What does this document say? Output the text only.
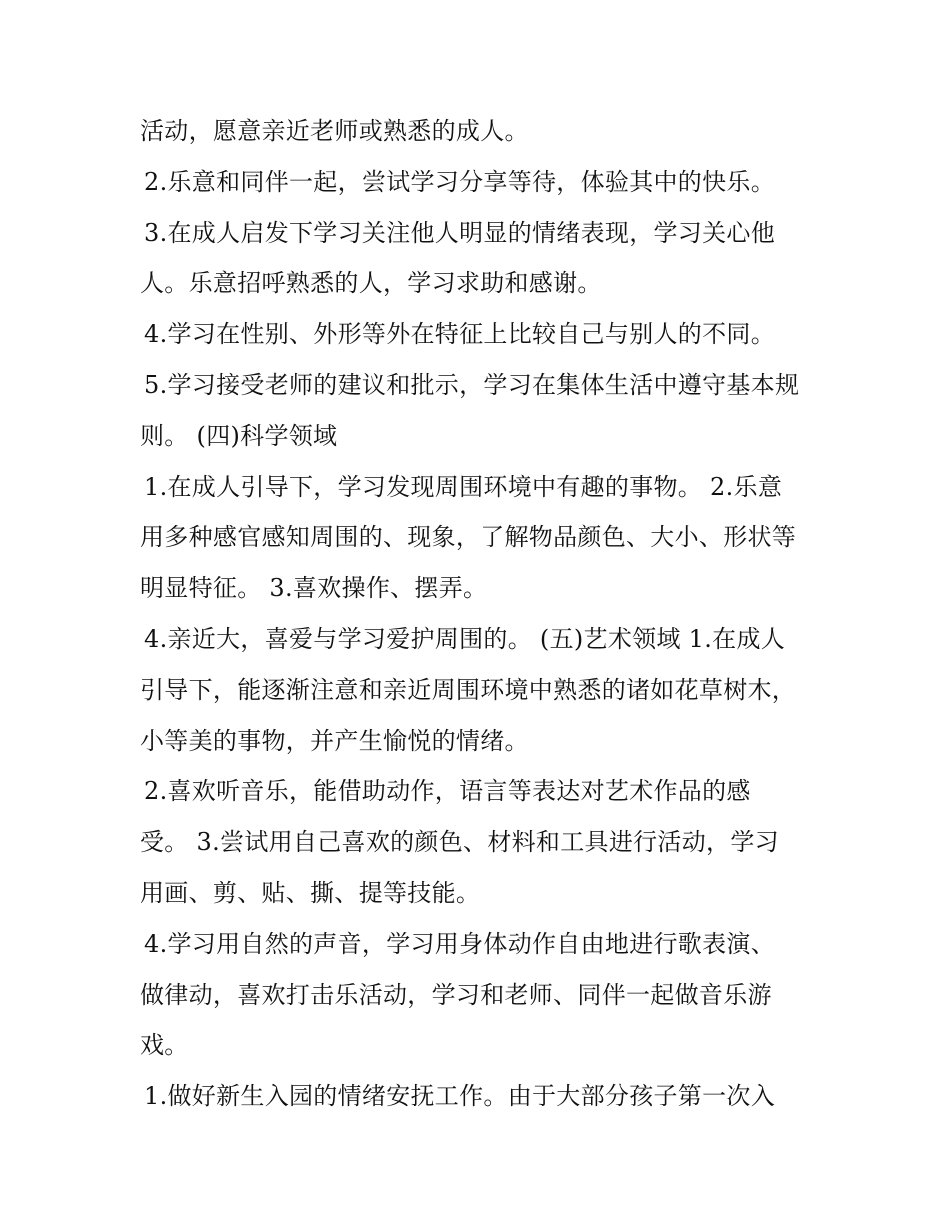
活动，愿意亲近老师或熟悉的成人。
2.乐意和同伴一起，尝试学习分享等待，体验其中的快乐。
3.在成人启发下学习关注他人明显的情绪表现，学习关心他
人。乐意招呼熟悉的人，学习求助和感谢。
4.学习在性别、外形等外在特征上比较自己与别人的不同。
5.学习接受老师的建议和批示，学习在集体生活中遵守基本规
则。 (四)科学领域
1.在成人引导下，学习发现周围环境中有趣的事物。 2.乐意
用多种感官感知周围的、现象，了解物品颜色、大小、形状等
明显特征。 3.喜欢操作、摆弄。
4.亲近大，喜爱与学习爱护周围的。 (五)艺术领域 1.在成人
引导下，能逐渐注意和亲近周围环境中熟悉的诸如花草树木，
小等美的事物，并产生愉悦的情绪。
2.喜欢听音乐，能借助动作，语言等表达对艺术作品的感
受。 3.尝试用自己喜欢的颜色、材料和工具进行活动，学习
用画、剪、贴、撕、提等技能。
4.学习用自然的声音，学习用身体动作自由地进行歌表演、
做律动，喜欢打击乐活动，学习和老师、同伴一起做音乐游
戏。
1.做好新生入园的情绪安抚工作。由于大部分孩子第一次入
